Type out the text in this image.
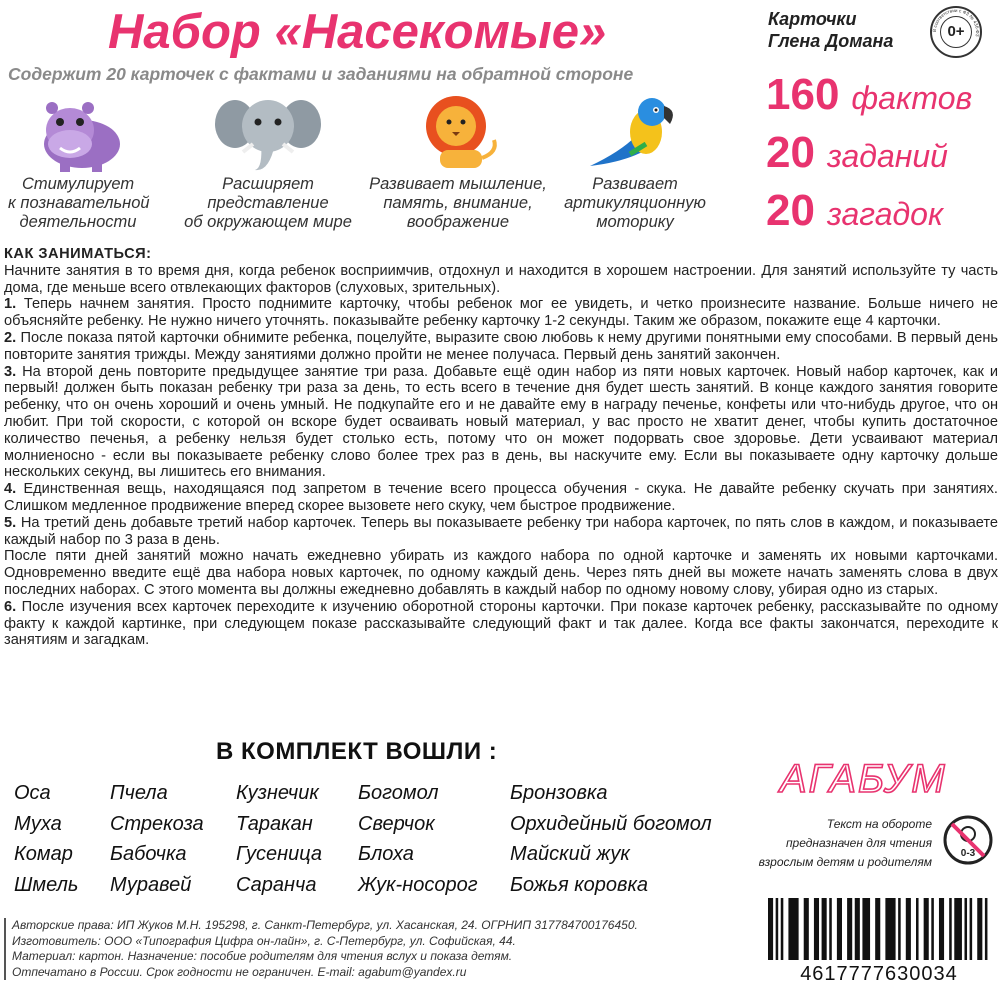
Набор «Насекомые»
Содержит 20 карточек с фактами и заданиями на обратной стороне
Карточки
Глена Домана
В соответствии с ФЗ № 436-ФЗ
0+
160 фактов
20 заданий
20 загадок
Стимулирует
к познавательной
деятельности
Расширяет
представление
об окружающем мире
Развивает мышление,
память, внимание,
воображение
Развивает
артикуляционную
моторику

КАК ЗАНИМАТЬСЯ:

Начните занятия в то время дня, когда ребенок восприимчив, отдохнул и находится в хорошем настроении. Для занятий используйте ту часть дома, где меньше всего отвлекающих факторов (слуховых, зрительных).

1. Теперь начнем занятия. Просто поднимите карточку, чтобы ребенок мог ее увидеть, и четко произнесите название. Больше ничего не объясняйте ребенку. Не нужно ничего уточнять. показывайте ребенку карточку 1-2 секунды. Таким же образом, покажите еще 4 карточки.

2. После показа пятой карточки обнимите ребенка, поцелуйте, выразите свою любовь к нему другими понятными ему способами. В первый день повторите занятия трижды. Между занятиями должно пройти не менее получаса. Первый день занятий закончен.

3. На второй день повторите предыдущее занятие три раза. Добавьте ещё один набор из пяти новых карточек. Новый набор карточек, как и первый! должен быть показан ребенку три раза за день, то есть всего в течение дня будет шесть занятий. В конце каждого занятия говорите ребенку, что он очень хороший и очень умный. Не подкупайте его и не давайте ему в награду печенье, конфеты или что-нибудь другое, что он любит. При той скорости, с которой он вскоре будет осваивать новый материал, у вас просто не хватит денег, чтобы купить достаточное количество печенья, а ребенку нельзя будет столько есть, потому что он может подорвать свое здоровье. Дети усваивают материал молниеносно - если вы показываете ребенку слово более трех раз в день, вы наскучите ему. Если вы показываете одну карточку дольше нескольких секунд, вы лишитесь его внимания.

4. Единственная вещь, находящаяся под запретом в течение всего процесса обучения - скука. Не давайте ребенку скучать при занятиях. Слишком медленное продвижение вперед скорее вызовете него скуку, чем быстрое продвижение.

5. На третий день добавьте третий набор карточек. Теперь вы показываете ребенку три набора карточек, по пять слов в каждом, и показываете каждый набор по 3 раза в день.

После пяти дней занятий можно начать ежедневно убирать из каждого набора по одной карточке и заменять их новыми карточками. Одновременно введите ещё два набора новых карточек, по одному каждый день. Через пять дней вы можете начать заменять слова в двух последних наборах. С этого момента вы должны ежедневно добавлять в каждый набор по одному новому слову, убирая одно из старых.

6. После изучения всех карточек переходите к изучению оборотной стороны карточки. При показе карточек ребенку, рассказывайте по одному факту к каждой картинке, при следующем показе рассказывайте следующий факт и так далее. Когда все факты закончатся, переходите к занятиям и загадкам.

В КОМПЛЕКТ ВОШЛИ :
Оса
Муха
Комар
Шмель
Пчела
Стрекоза
Бабочка
Муравей
Кузнечик
Таракан
Гусеница
Саранча
Богомол
Сверчок
Блоха
Жук-носорог
Бронзовка
Орхидейный богомол
Майский жук
Божья коровка
АГАБУМ
Текст на обороте
предназначен для чтения
взрослым детям и родителям
0-3
Авторские права: ИП Жуков М.Н. 195298, г. Санкт-Петербург, ул. Хасанская, 24. ОГРНИП 317784700176450.
Изготовитель: ООО «Типография Цифра он-лайн», г. С-Петербург, ул. Софийская, 44.
Материал: картон. Назначение: пособие родителям для чтения вслух и показа детям.
Отпечатано в России. Срок годности не ограничен. E-mail: agabum@yandex.ru	4617777630034
